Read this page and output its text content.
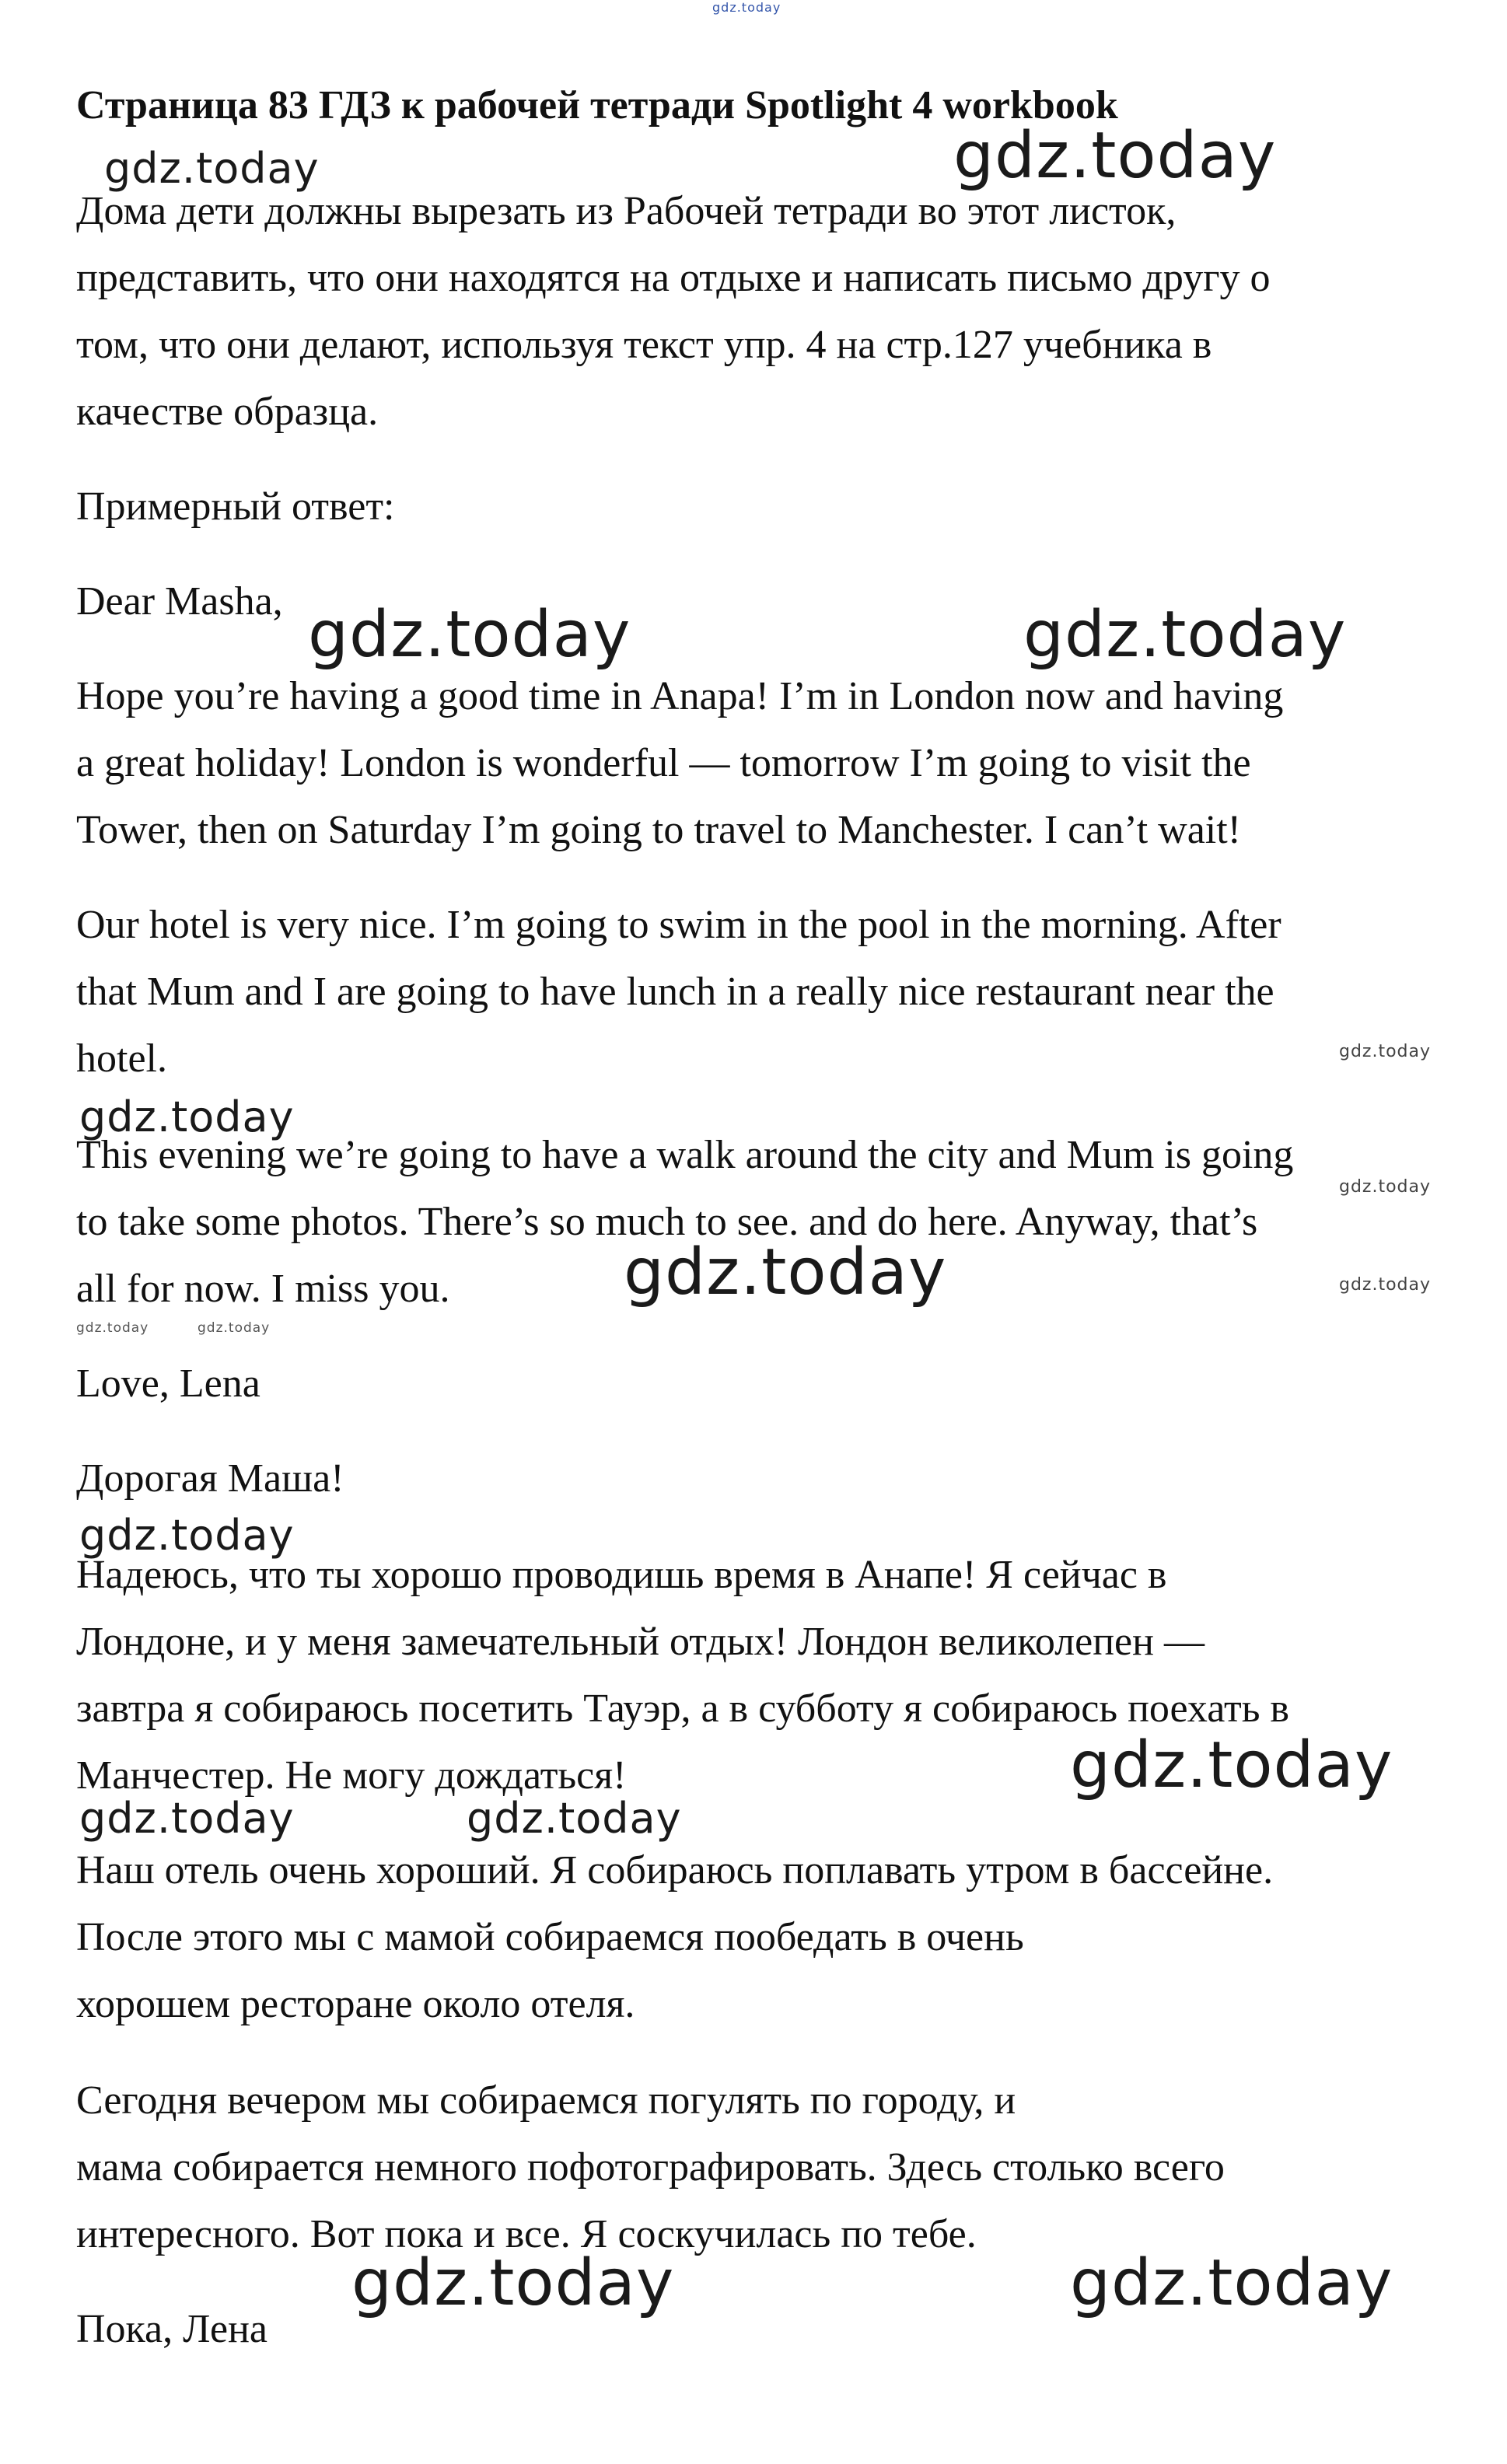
gdz.today

Страница 83 ГДЗ к рабочей тетради Spotlight 4 workbook

Дома дети должны вырезать из Рабочей тетради во этот листок,

представить, что они находятся на отдыхе и написать письмо другу о

том, что они делают, используя текст упр. 4 на стр.127 учебника в

качестве образца.

Примерный ответ:

Dear Masha,

Hope you’re having a good time in Anapa! I’m in London now and having

a great holiday! London is wonderful — tomorrow I’m going to visit the

Tower, then on Saturday I’m going to travel to Manchester. I can’t wait!

Our hotel is very nice. I’m going to swim in the pool in the morning. After

that Mum and I are going to have lunch in a really nice restaurant near the

hotel.

This evening we’re going to have a walk around the city and Mum is going

to take some photos. There’s so much to see. and do here. Anyway, that’s

all for now. I miss you.

Love, Lena

Дорогая Маша!

Надеюсь, что ты хорошо проводишь время в Анапе! Я сейчас в

Лондоне, и у меня замечательный отдых! Лондон великолепен —

завтра я собираюсь посетить Тауэр, а в субботу я собираюсь поехать в

Манчестер. Не могу дождаться!

Наш отель очень хороший. Я собираюсь поплавать утром в бассейне.

После этого мы с мамой собираемся пообедать в очень

хорошем ресторане около отеля.

Сегодня вечером мы собираемся погулять по городу, и

мама собирается немного пофотографировать. Здесь столько всего

интересного. Вот пока и все. Я соскучилась по тебе.

Пока, Лена

gdz.today	gdz.today
gdz.today	gdz.today
gdz.today
gdz.today
gdz.today
gdz.today	gdz.today
gdz.today	gdz.today
gdz.today
gdz.today
gdz.today	gdz.today
gdz.today	gdz.today
